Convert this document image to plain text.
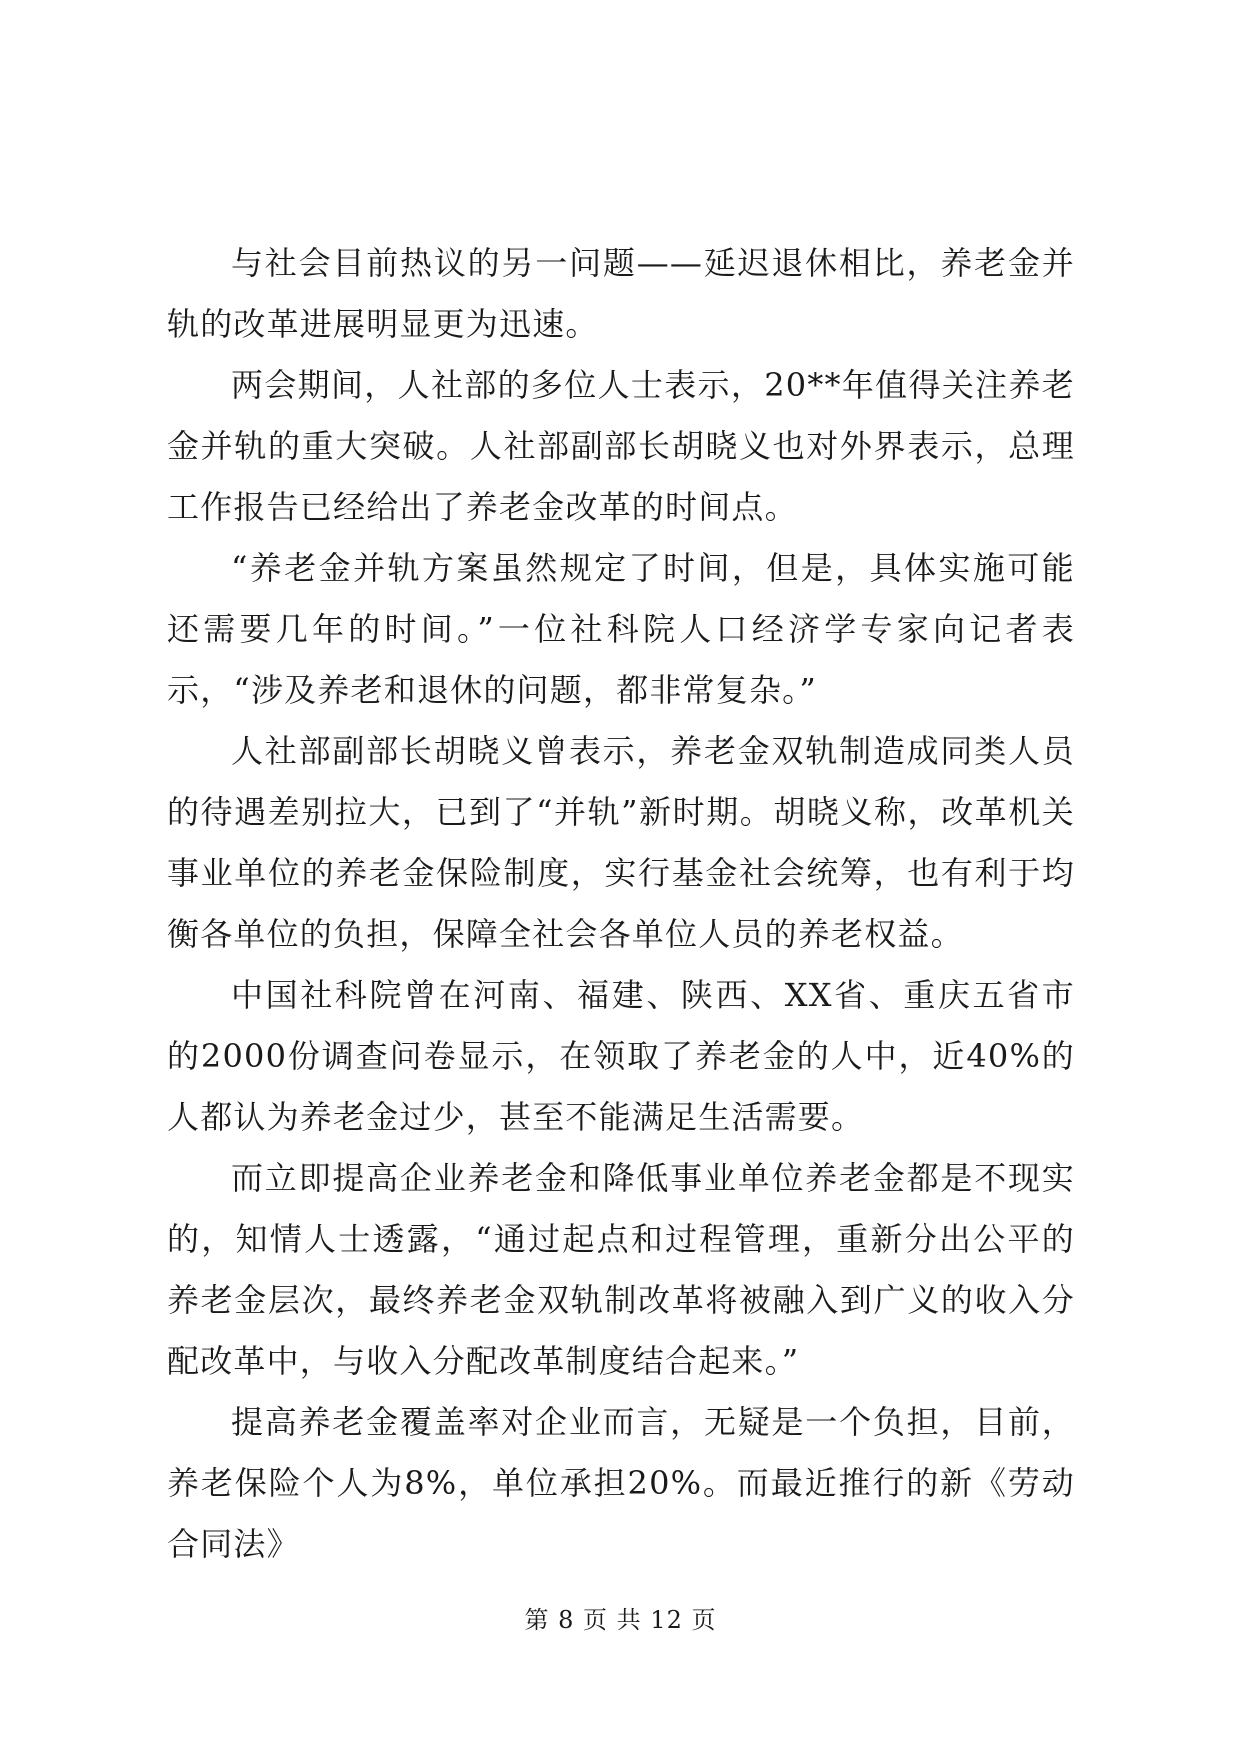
与社会目前热议的另一问题——延迟退休相比，养老金并轨的改革进展明显更为迅速。

两会期间，人社部的多位人士表示，20**年值得关注养老金并轨的重大突破。人社部副部长胡晓义也对外界表示，总理工作报告已经给出了养老金改革的时间点。

“养老金并轨方案虽然规定了时间，但是，具体实施可能还需要几年的时间。”一位社科院人口经济学专家向记者表示，“涉及养老和退休的问题，都非常复杂。”

人社部副部长胡晓义曾表示，养老金双轨制造成同类人员的待遇差别拉大，已到了“并轨”新时期。胡晓义称，改革机关事业单位的养老金保险制度，实行基金社会统筹，也有利于均衡各单位的负担，保障全社会各单位人员的养老权益。

中国社科院曾在河南、福建、陕西、XX省、重庆五省市的2000份调查问卷显示，在领取了养老金的人中，近40%的人都认为养老金过少，甚至不能满足生活需要。

而立即提高企业养老金和降低事业单位养老金都是不现实的，知情人士透露，“通过起点和过程管理，重新分出公平的养老金层次，最终养老金双轨制改革将被融入到广义的收入分配改革中，与收入分配改革制度结合起来。”

提高养老金覆盖率对企业而言，无疑是一个负担，目前，养老保险个人为8%，单位承担20%。而最近推行的新《劳动合同法》

第 8 页 共 12 页
